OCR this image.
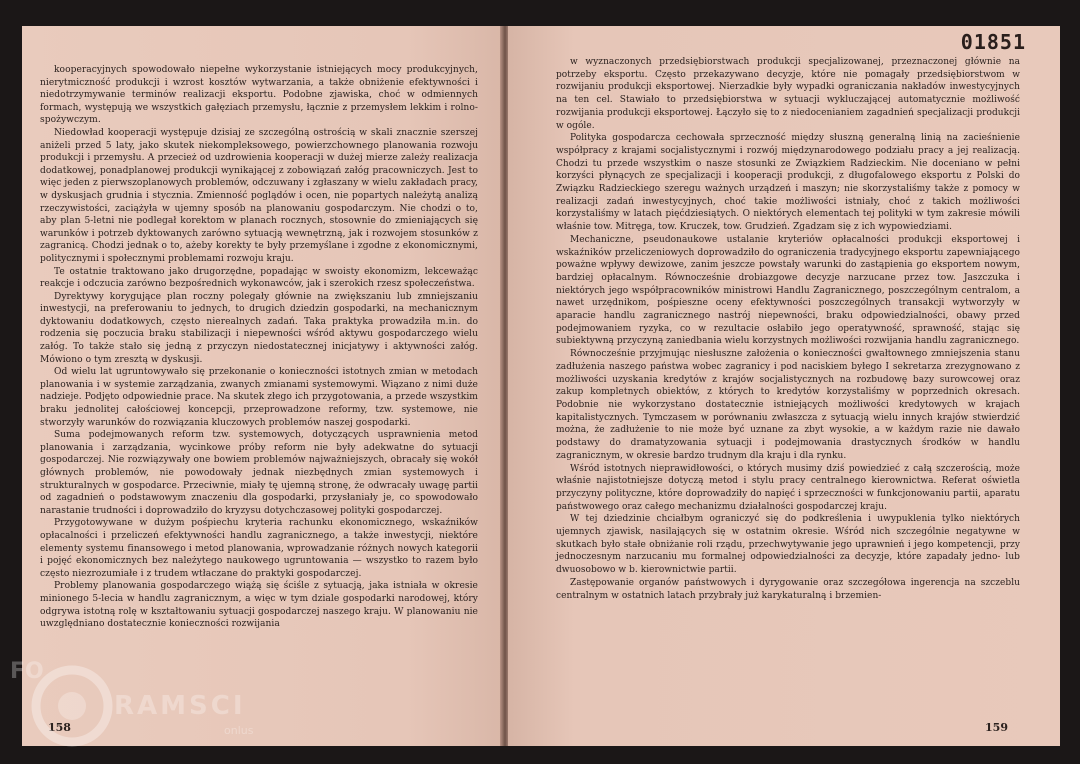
kooperacyjnych spowodowało niepełne wykorzystanie istniejących mocy produkcyjnych, nierytmiczność produkcji i wzrost kosztów wytwarzania, a także obniżenie efektywności i niedotrzymywanie terminów realizacji eksportu. Podobne zjawiska, choć w odmiennych formach, występują we wszystkich gałęziach przemysłu, łącznie z przemysłem lekkim i rolno-spożywczym.

Niedowład kooperacji występuje dzisiaj ze szczególną ostrością w skali znacznie szerszej aniżeli przed 5 laty, jako skutek niekompleksowego, powierzchownego planowania rozwoju produkcji i przemysłu. A przecież od uzdrowienia kooperacji w dużej mierze zależy realizacja dodatkowej, ponadplanowej produkcji wynikającej z zobowiązań załóg pracowniczych. Jest to więc jeden z pierwszoplanowych problemów, odczuwany i zgłaszany w wielu zakładach pracy, w dyskusjach grudnia i stycznia. Zmienność poglądów i ocen, nie popartych należytą analizą rzeczywistości, zaciążyła w ujemny sposób na planowaniu gospodarczym. Nie chodzi o to, aby plan 5-letni nie podlegał korektom w planach rocznych, stosownie do zmieniających się warunków i potrzeb dyktowanych zarówno sytuacją wewnętrzną, jak i rozwojem stosunków z zagranicą. Chodzi jednak o to, ażeby korekty te były przemyślane i zgodne z ekonomicznymi, politycznymi i społecznymi problemami rozwoju kraju.

Te ostatnie traktowano jako drugorzędne, popadając w swoisty ekonomizm, lekceważąc reakcje i odczucia zarówno bezpośrednich wykonawców, jak i szerokich rzesz społeczeństwa.

Dyrektywy korygujące plan roczny polegały głównie na zwiększaniu lub zmniejszaniu inwestycji, na preferowaniu to jednych, to drugich dziedzin gospodarki, na mechanicznym dyktowaniu dodatkowych, często nierealnych zadań. Taka praktyka prowadziła m.in. do rodzenia się poczucia braku stabilizacji i niepewności wśród aktywu gospodarczego wielu załóg. To także stało się jedną z przyczyn niedostatecznej inicjatywy i aktywności załóg. Mówiono o tym zresztą w dyskusji.

Od wielu lat ugruntowywało się przekonanie o konieczności istotnych zmian w metodach planowania i w systemie zarządzania, zwanych zmianami systemowymi. Wiązano z nimi duże nadzieje. Podjęto odpowiednie prace. Na skutek złego ich przygotowania, a przede wszystkim braku jednolitej całościowej koncepcji, przeprowadzone reformy, tzw. systemowe, nie stworzyły warunków do rozwiązania kluczowych problemów naszej gospodarki.

Suma podejmowanych reform tzw. systemowych, dotyczących usprawnienia metod planowania i zarządzania, wycinkowe próby reform nie były adekwatne do sytuacji gospodarczej. Nie rozwiązywały one bowiem problemów najważniejszych, obracały się wokół głównych problemów, nie powodowały jednak niezbędnych zmian systemowych i strukturalnych w gospodarce. Przeciwnie, miały tę ujemną stronę, że odwracały uwagę partii od zagadnień o podstawowym znaczeniu dla gospodarki, przysłaniały je, co spowodowało narastanie trudności i doprowadziło do kryzysu dotychczasowej polityki gospodarczej.

Przygotowywane w dużym pośpiechu kryteria rachunku ekonomicznego, wskaźników opłacalności i przeliczeń efektywności handlu zagranicznego, a także inwestycji, niektóre elementy systemu finansowego i metod planowania, wprowadzanie różnych nowych kategorii i pojęć ekonomicznych bez należytego naukowego ugruntowania — wszystko to razem było często niezrozumiałe i z trudem wtłaczane do praktyki gospodarczej.

Problemy planowania gospodarczego wiążą się ściśle z sytuacją, jaka istniała w okresie minionego 5-lecia w handlu zagranicznym, a więc w tym dziale gospodarki narodowej, który odgrywa istotną rolę w kształtowaniu sytuacji gospodarczej naszego kraju. W planowaniu nie uwzględniano dostatecznie konieczności rozwijania

158
01851

w wyznaczonych przedsiębiorstwach produkcji specjalizowanej, przeznaczonej głównie na potrzeby eksportu. Często przekazywano decyzje, które nie pomagały przedsiębiorstwom w rozwijaniu produkcji eksportowej. Nierzadkie były wypadki ograniczania nakładów inwestycyjnych na ten cel. Stawiało to przedsiębiorstwa w sytuacji wykluczającej automatycznie możliwość rozwijania produkcji eksportowej. Łączyło się to z niedocenianiem zagadnień specjalizacji produkcji w ogóle.

Polityka gospodarcza cechowała sprzeczność między słuszną generalną linią na zacieśnienie współpracy z krajami socjalistycznymi i rozwój międzynarodowego podziału pracy a jej realizacją. Chodzi tu przede wszystkim o nasze stosunki ze Związkiem Radzieckim. Nie doceniano w pełni korzyści płynących ze specjalizacji i kooperacji produkcji, z długofalowego eksportu z Polski do Związku Radzieckiego szeregu ważnych urządzeń i maszyn; nie skorzystaliśmy także z pomocy w realizacji zadań inwestycyjnych, choć takie możliwości istniały, choć z takich możliwości korzystaliśmy w latach pięćdziesiątych. O niektórych elementach tej polityki w tym zakresie mówili właśnie tow. Mitręga, tow. Kruczek, tow. Grudzień. Zgadzam się z ich wypowiedziami.

Mechaniczne, pseudonaukowe ustalanie kryteriów opłacalności produkcji eksportowej i wskaźników przeliczeniowych doprowadziło do ograniczenia tradycyjnego eksportu zapewniającego poważne wpływy dewizowe, zanim jeszcze powstały warunki do zastąpienia go eksportem nowym, bardziej opłacalnym. Równocześnie drobiazgowe decyzje narzucane przez tow. Jaszczuka i niektórych jego współpracowników ministrowi Handlu Zagranicznego, poszczególnym centralom, a nawet urzędnikom, pośpieszne oceny efektywności poszczególnych transakcji wytworzyły w aparacie handlu zagranicznego nastrój niepewności, braku odpowiedzialności, obawy przed podejmowaniem ryzyka, co w rezultacie osłabiło jego operatywność, sprawność, stając się subiektywną przyczyną zaniedbania wielu korzystnych możliwości rozwijania handlu zagranicznego.

Równocześnie przyjmując niesłuszne założenia o konieczności gwałtownego zmniejszenia stanu zadłużenia naszego państwa wobec zagranicy i pod naciskiem byłego I sekretarza zrezygnowano z możliwości uzyskania kredytów z krajów socjalistycznych na rozbudowę bazy surowcowej oraz zakup kompletnych obiektów, z których to kredytów korzystaliśmy w poprzednich okresach. Podobnie nie wykorzystano dostatecznie istniejących możliwości kredytowych w krajach kapitalistycznych. Tymczasem w porównaniu zwłaszcza z sytuacją wielu innych krajów stwierdzić można, że zadłużenie to nie może być uznane za zbyt wysokie, a w każdym razie nie dawało podstawy do dramatyzowania sytuacji i podejmowania drastycznych środków w handlu zagranicznym, w okresie bardzo trudnym dla kraju i dla rynku.

Wśród istotnych nieprawidłowości, o których musimy dziś powiedzieć z całą szczerością, może właśnie najistotniejsze dotyczą metod i stylu pracy centralnego kierownictwa. Referat oświetla przyczyny polityczne, które doprowadziły do napięć i sprzeczności w funkcjonowaniu partii, aparatu państwowego oraz całego mechanizmu działalności gospodarczej kraju.

W tej dziedzinie chciałbym ograniczyć się do podkreślenia i uwypuklenia tylko niektórych ujemnych zjawisk, nasilających się w ostatnim okresie. Wśród nich szczególnie negatywne w skutkach było stałe obniżanie roli rządu, przechwytywanie jego uprawnień i jego kompetencji, przy jednoczesnym narzucaniu mu formalnej odpowiedzialności za decyzje, które zapadały jedno- lub dwuosobowo w b. kierownictwie partii.

Zastępowanie organów państwowych i dyrygowanie oraz szczegółowa ingerencja na szczeblu centralnym w ostatnich latach przybrały już karykaturalną i brzemien-

159
FO
RAMSCI
onlus
